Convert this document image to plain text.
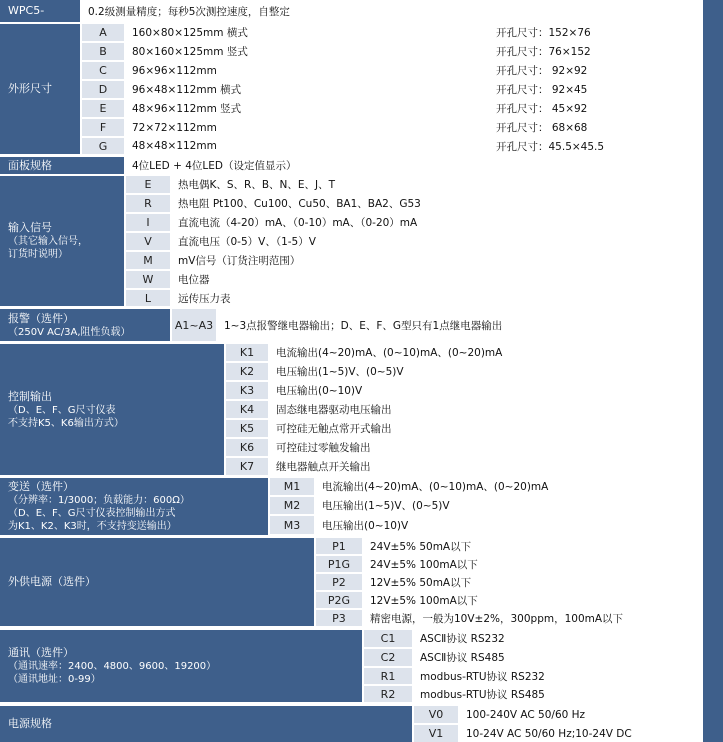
WPC5-	0.2级测量精度；每秒5次测控速度，自整定
外形尺寸
A	160×80×125mm 横式	开孔尺寸：152×76
B	80×160×125mm 竖式	开孔尺寸：76×152
C	96×96×112mm	开孔尺寸： 92×92
D	96×48×112mm 横式	开孔尺寸： 92×45
E	48×96×112mm 竖式	开孔尺寸： 45×92
F	72×72×112mm	开孔尺寸： 68×68
G	48×48×112mm	开孔尺寸：45.5×45.5
面板规格	4位LED + 4位LED（设定值显示）
输入信号
（其它输入信号，
订货时说明）
E	热电偶K、S、R、B、N、E、J、T
R	热电阻 Pt100、Cu100、Cu50、BA1、BA2、G53
I	直流电流（4-20）mA、（0-10）mA、（0-20）mA
V	直流电压（0-5）V、（1-5）V
M	mV信号（订货注明范围）
W	电位器
L	远传压力表
报警（选件）
（250V AC/3A,阻性负载）
A1~A3	1~3点报警继电器输出；D、E、F、G型只有1点继电器输出
控制输出
（D、E、F、G尺寸仪表
不支持K5、K6输出方式）
K1	电流输出(4~20)mA、(0~10)mA、(0~20)mA
K2	电压输出(1~5)V、(0~5)V
K3	电压输出(0~10)V
K4	固态继电器驱动电压输出
K5	可控硅无触点常开式输出
K6	可控硅过零触发输出
K7	继电器触点开关输出
变送（选件）
（分辨率：1/3000；负载能力：600Ω）
（D、E、F、G尺寸仪表控制输出方式
为K1、K2、K3时，不支持变送输出）
M1	电流输出(4~20)mA、(0~10)mA、(0~20)mA
M2	电压输出(1~5)V、(0~5)V
M3	电压输出(0~10)V
外供电源（选件）
P1	24V±5% 50mA以下
P1G	24V±5% 100mA以下
P2	12V±5% 50mA以下
P2G	12V±5% 100mA以下
P3	精密电源，一般为10V±2%，300ppm，100mA以下
通讯（选件）
（通讯速率：2400、4800、9600、19200）
（通讯地址：0-99）
C1	ASCⅡ协议 RS232
C2	ASCⅡ协议 RS485
R1	modbus-RTU协议 RS232
R2	modbus-RTU协议 RS485
电源规格
V0	100-240V AC 50/60 Hz
V1	10-24V AC 50/60 Hz;10-24V DC
